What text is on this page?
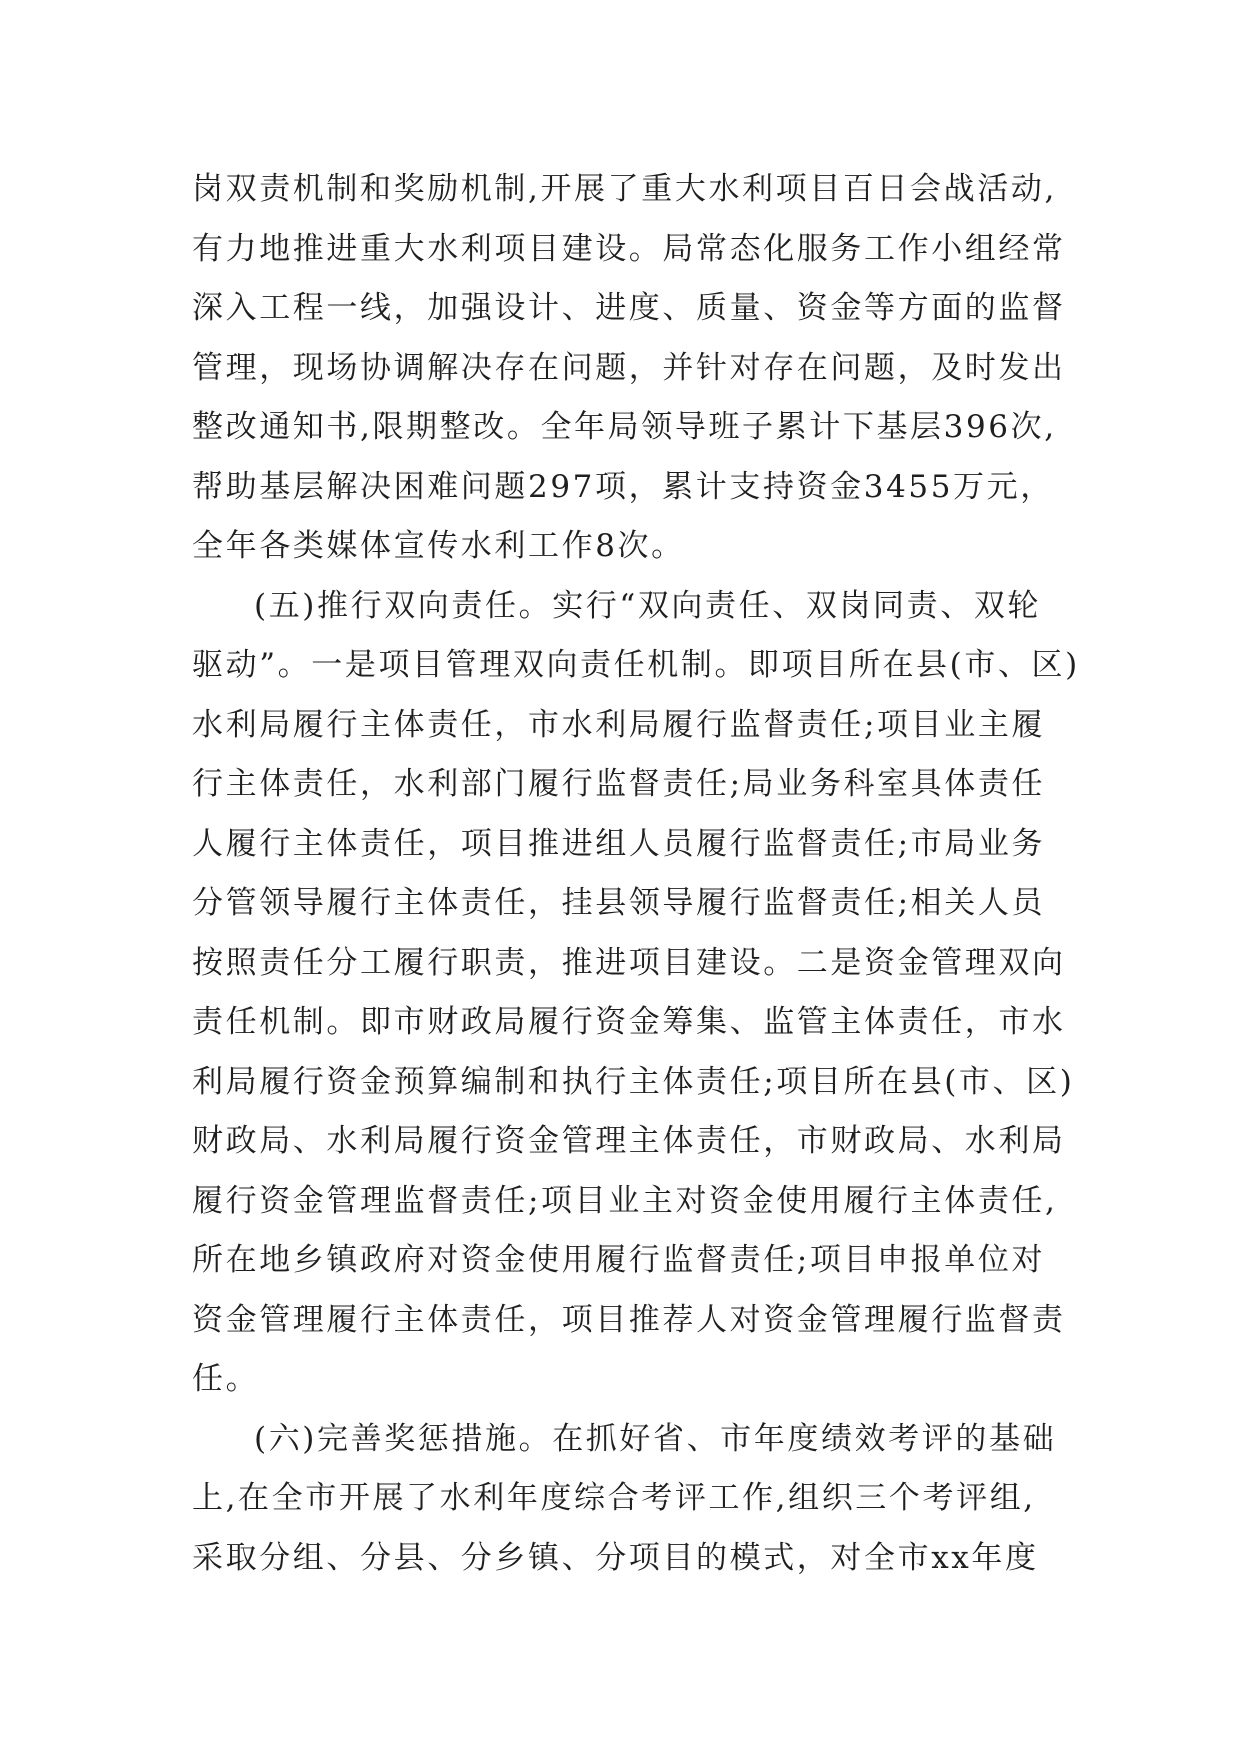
岗双责机制和奖励机制,开展了重大水利项目百日会战活动,
有力地推进重大水利项目建设。局常态化服务工作小组经常
深入工程一线，加强设计、进度、质量、资金等方面的监督
管理，现场协调解决存在问题，并针对存在问题，及时发出
整改通知书,限期整改。全年局领导班子累计下基层396次,
帮助基层解决困难问题297项，累计支持资金3455万元，
全年各类媒体宣传水利工作8次。
(五)推行双向责任。实行“双向责任、双岗同责、双轮
驱动”。一是项目管理双向责任机制。即项目所在县(市、区)
水利局履行主体责任，市水利局履行监督责任;项目业主履
行主体责任，水利部门履行监督责任;局业务科室具体责任
人履行主体责任，项目推进组人员履行监督责任;市局业务
分管领导履行主体责任，挂县领导履行监督责任;相关人员
按照责任分工履行职责，推进项目建设。二是资金管理双向
责任机制。即市财政局履行资金筹集、监管主体责任，市水
利局履行资金预算编制和执行主体责任;项目所在县(市、区)
财政局、水利局履行资金管理主体责任，市财政局、水利局
履行资金管理监督责任;项目业主对资金使用履行主体责任,
所在地乡镇政府对资金使用履行监督责任;项目申报单位对
资金管理履行主体责任，项目推荐人对资金管理履行监督责
任。
(六)完善奖惩措施。在抓好省、市年度绩效考评的基础
上,在全市开展了水利年度综合考评工作,组织三个考评组,
采取分组、分县、分乡镇、分项目的模式，对全市xx年度
